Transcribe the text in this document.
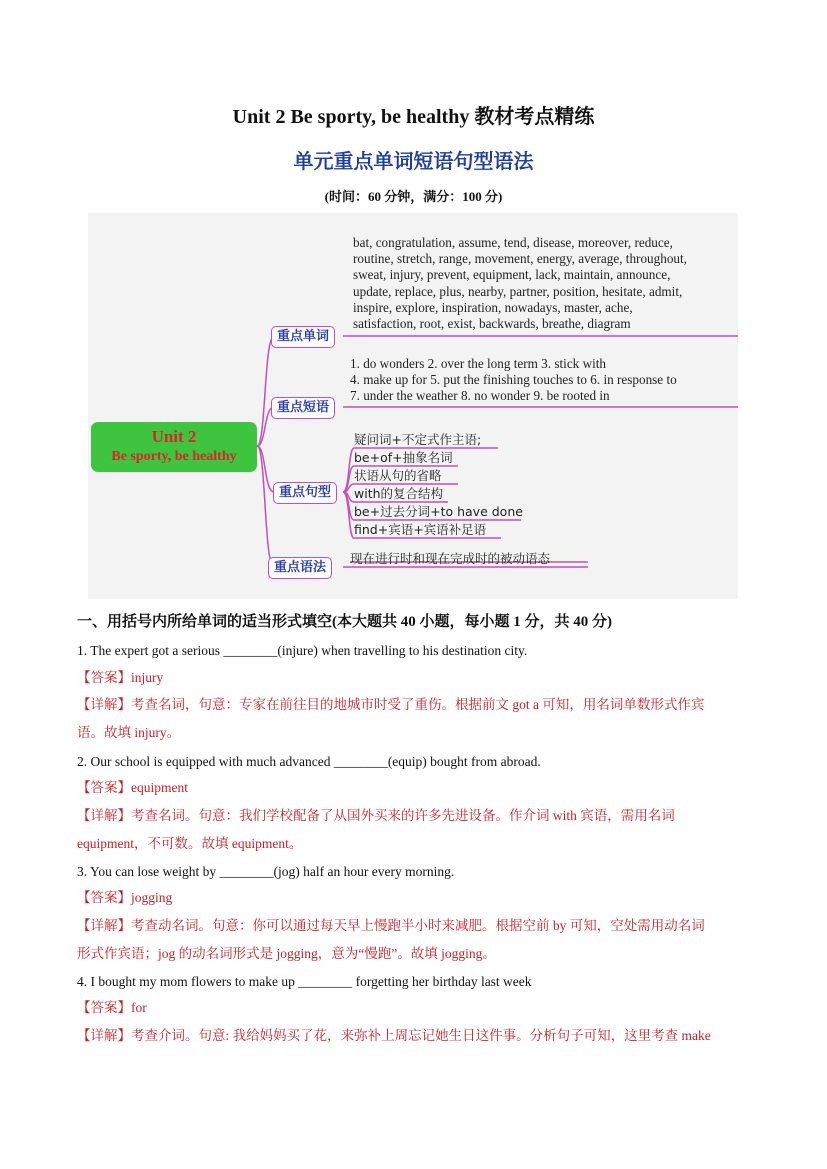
Unit 2 Be sporty, be healthy 教材考点精练
单元重点单词短语句型语法
(时间：60 分钟，满分：100 分)
Unit 2
Be sporty, be healthy
重点单词
重点短语
重点句型
重点语法
bat, congratulation, assume, tend, disease, moreover, reduce,
routine, stretch, range, movement, energy, average, throughout,
sweat, injury, prevent, equipment, lack, maintain, announce,
update, replace, plus, nearby, partner, position, hesitate, admit,
inspire, explore, inspiration, nowadays, master, ache,
satisfaction, root, exist, backwards, breathe, diagram
1. do wonders 2. over the long term 3. stick with
4. make up for 5. put the finishing touches to 6. in response to
7. under the weather 8. no wonder 9. be rooted in
疑问词+不定式作主语;
be+of+抽象名词
状语从句的省略
with的复合结构
be+过去分词+to have done
find+宾语+宾语补足语
现在进行时和现在完成时的被动语态
一、用括号内所给单词的适当形式填空(本大题共 40 小题，每小题 1 分，共 40 分)
1. The expert got a serious ________(injure) when travelling to his destination city.
【答案】injury
【详解】考查名词，句意：专家在前往目的地城市时受了重伤。根据前文 got a 可知，用名词单数形式作宾
语。故填 injury。
2. Our school is equipped with much advanced ________(equip) bought from abroad.
【答案】equipment
【详解】考查名词。句意：我们学校配备了从国外买来的许多先进设备。作介词 with 宾语，需用名词
equipment，不可数。故填 equipment。
3. You can lose weight by ________(jog) half an hour every morning.
【答案】jogging
【详解】考查动名词。句意：你可以通过每天早上慢跑半小时来减肥。根据空前 by 可知，空处需用动名词
形式作宾语；jog 的动名词形式是 jogging，意为“慢跑”。故填 jogging。
4. I bought my mom flowers to make up ________ forgetting her birthday last week
【答案】for
【详解】考查介词。句意: 我给妈妈买了花，来弥补上周忘记她生日这件事。分析句子可知，这里考查 make
